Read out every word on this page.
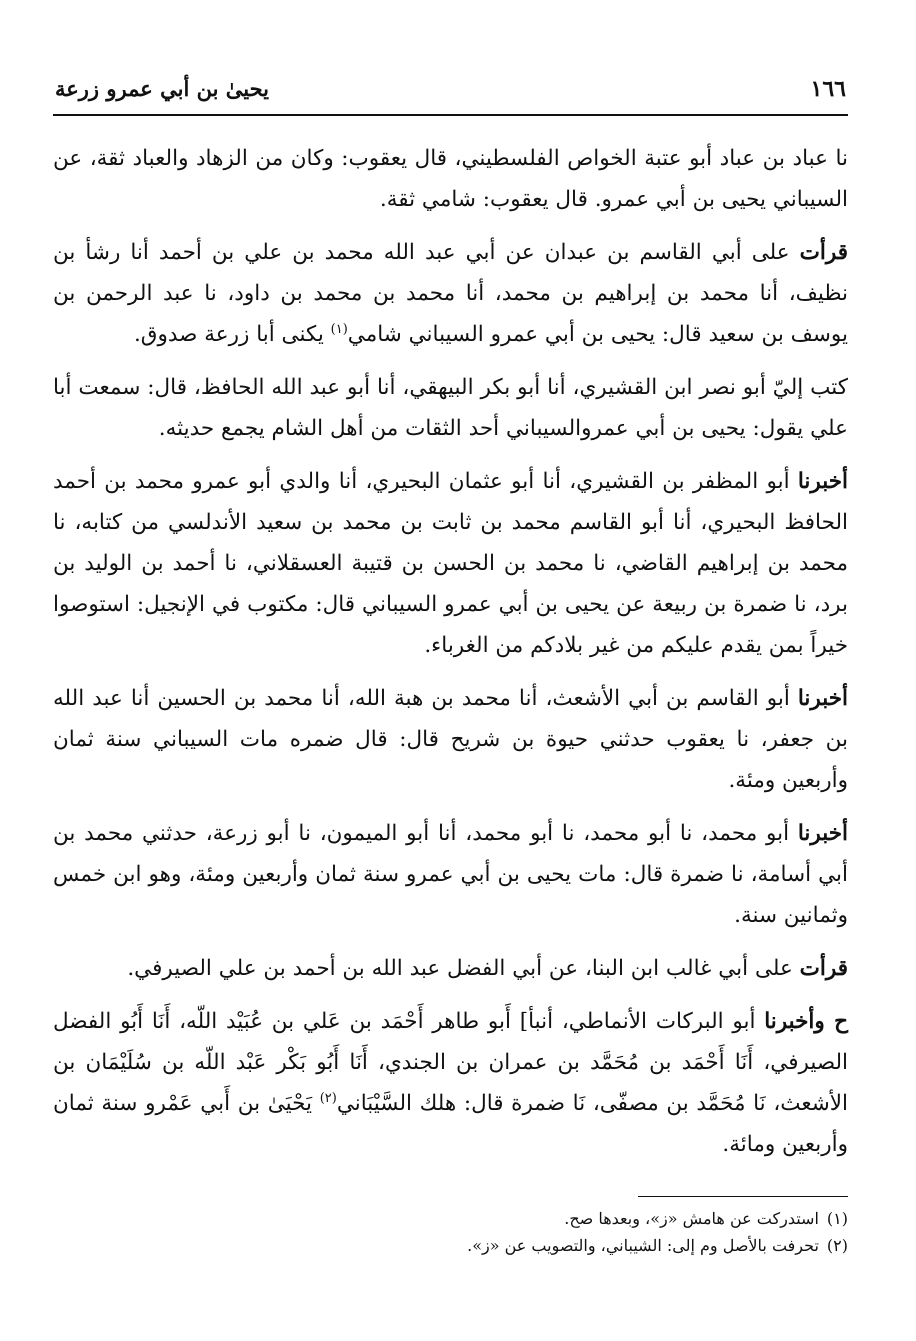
١٦٦
يحيىٰ بن أبي عمرو زرعة

نا عباد بن عباد أبو عتبة الخواص الفلسطيني، قال يعقوب: وكان من الزهاد والعباد ثقة، عن السيباني يحيى بن أبي عمرو. قال يعقوب: شامي ثقة.

قرأت على أبي القاسم بن عبدان عن أبي عبد الله محمد بن علي بن أحمد أنا رشأ بن نظيف، أنا محمد بن إبراهيم بن محمد، أنا محمد بن محمد بن داود، نا عبد الرحمن بن يوسف بن سعيد قال: يحيى بن أبي عمرو السيباني شامي$^{(١)}$ يكنى أبا زرعة صدوق.

كتب إليّ أبو نصر ابن القشيري، أنا أبو بكر البيهقي، أنا أبو عبد الله الحافظ، قال: سمعت أبا علي يقول: يحيى بن أبي عمروالسيباني أحد الثقات من أهل الشام يجمع حديثه.

أخبرنا أبو المظفر بن القشيري، أنا أبو عثمان البحيري، أنا والدي أبو عمرو محمد بن أحمد الحافظ البحيري، أنا أبو القاسم محمد بن ثابت بن محمد بن سعيد الأندلسي من كتابه، نا محمد بن إبراهيم القاضي، نا محمد بن الحسن بن قتيبة العسقلاني، نا أحمد بن الوليد بن برد، نا ضمرة بن ربيعة عن يحيى بن أبي عمرو السيباني قال: مكتوب في الإنجيل: استوصوا خيراً بمن يقدم عليكم من غير بلادكم من الغرباء.

أخبرنا أبو القاسم بن أبي الأشعث، أنا محمد بن هبة الله، أنا محمد بن الحسين أنا عبد الله بن جعفر، نا يعقوب حدثني حيوة بن شريح قال: قال ضمره مات السيباني سنة ثمان وأربعين ومئة.

أخبرنا أبو محمد، نا أبو محمد، نا أبو محمد، أنا أبو الميمون، نا أبو زرعة، حدثني محمد بن أبي أسامة، نا ضمرة قال: مات يحيى بن أبي عمرو سنة ثمان وأربعين ومئة، وهو ابن خمس وثمانين سنة.

قرأت على أبي غالب ابن البنا، عن أبي الفضل عبد الله بن أحمد بن علي الصيرفي.

ح وأخبرنا أبو البركات الأنماطي، أنبأ] أَبو طاهر أَحْمَد بن عَلي بن عُبَيْد اللّه، أَنَا أَبُو الفضل الصيرفي، أَنَا أَحْمَد بن مُحَمَّد بن عمران بن الجندي، أَنَا أَبُو بَكْر عَبْد اللّه بن سُلَيْمَان بن الأشعث، نَا مُحَمَّد بن مصفّى، نَا ضمرة قال: هلك السَّيْبَاني$^{(٢)}$ يَحْيَىٰ بن أَبي عَمْرو سنة ثمان وأربعين ومائة.

(١)استدركت عن هامش «ز»، وبعدها صح.

(٢)تحرفت بالأصل وم إلى: الشيباني، والتصويب عن «ز».
